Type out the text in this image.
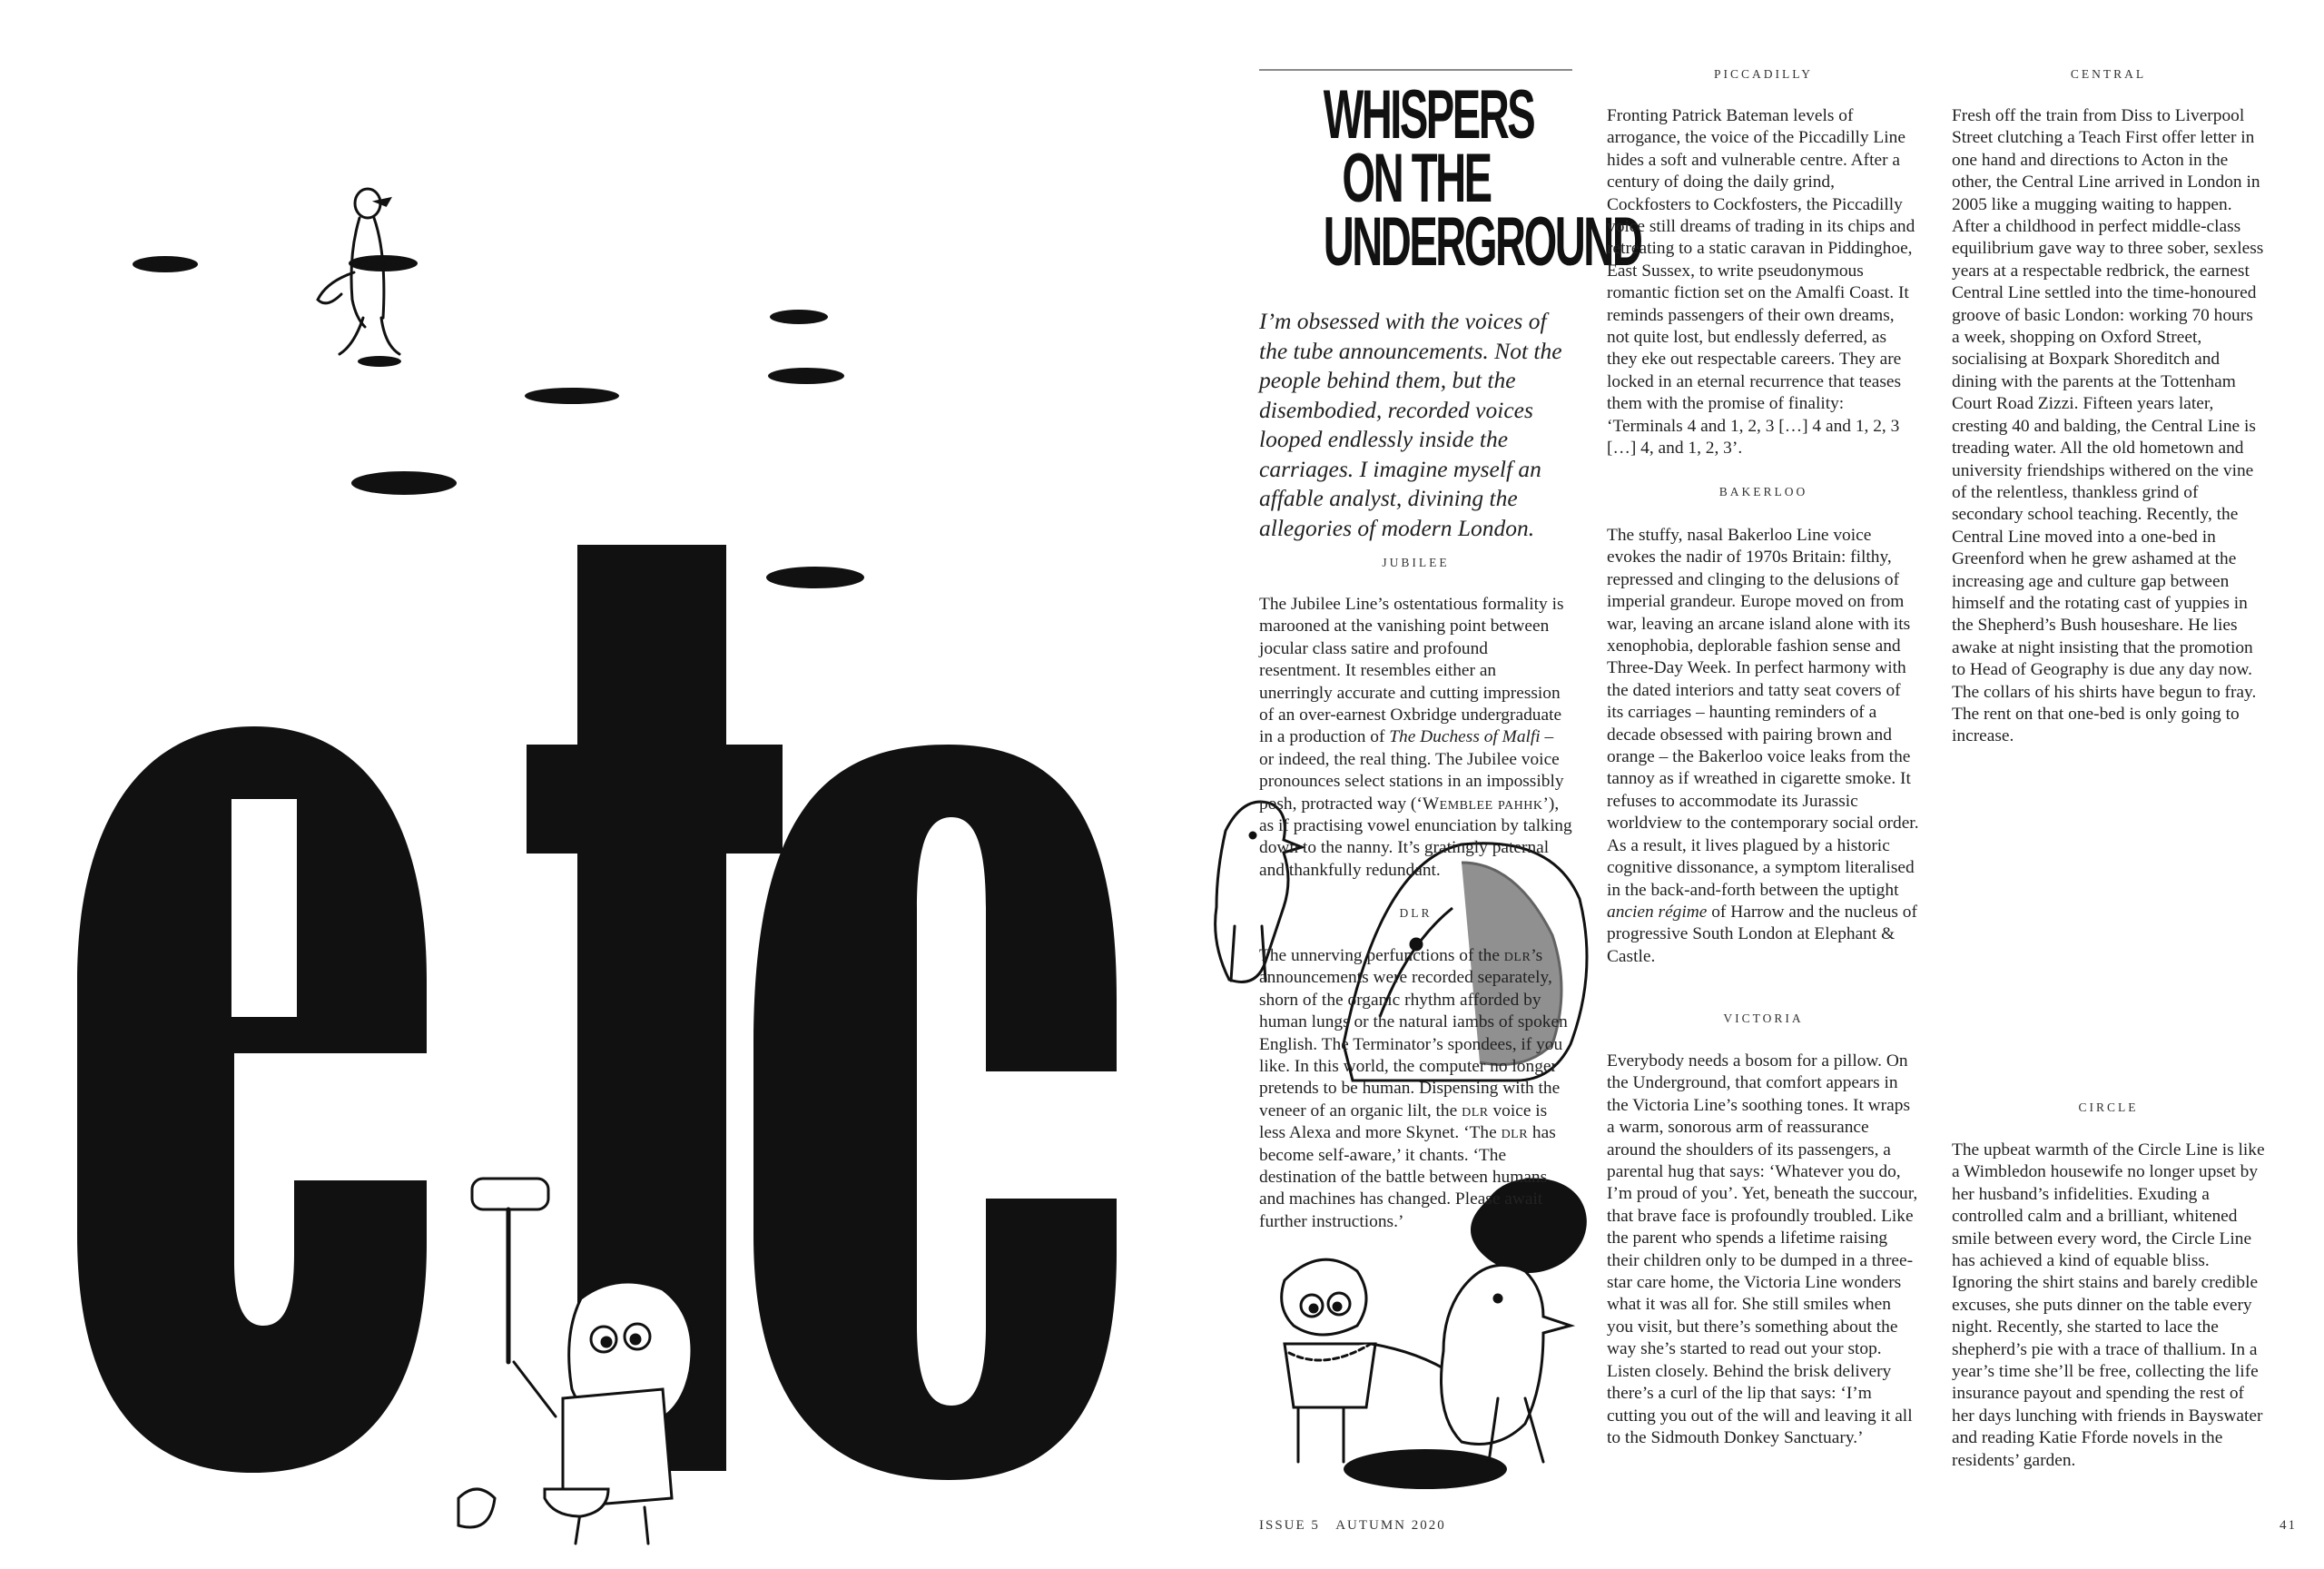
WHISPERS
ON THE
UNDERGROUND
I’m obsessed with the voices of the tube announcements. Not the people behind them, but the disembodied, recorded voices looped endlessly inside the carriages. I imagine myself an affable analyst, divining the allegories of modern London.
JUBILEE
The Jubilee Line’s ostentatious formality is marooned at the vanishing point between jocular class satire and profound resentment. It resembles either an unerringly accurate and cutting impression of an over-earnest Oxbridge undergraduate in a production of The Duchess of Malfi – or indeed, the real thing. The Jubilee voice pronounces select stations in an impossibly posh, protracted way (‘Wemblee pahhk’), as if practising vowel enunciation by talking down to the nanny. It’s gratingly paternal and thankfully redundant.
DLR
The unnerving perfunctions of the dlr’s announcements were recorded separately, shorn of the organic rhythm afforded by human lungs or the natural iambs of spoken English. The Terminator’s spondees, if you like. In this world, the computer no longer pretends to be human. Dispensing with the veneer of an organic lilt, the dlr voice is less Alexa and more Skynet. ‘The dlr has become self-aware,’ it chants. ‘The destination of the battle between humans and machines has changed. Please await further instructions.’
PICCADILLY
Fronting Patrick Bateman levels of arrogance, the voice of the Piccadilly Line hides a soft and vulnerable centre. After a century of doing the daily grind, Cockfosters to Cockfosters, the Piccadilly voice still dreams of trading in its chips and retreating to a static caravan in Piddinghoe, East Sussex, to write pseudonymous romantic fiction set on the Amalfi Coast. It reminds passengers of their own dreams, not quite lost, but endlessly deferred, as they eke out respectable careers. They are locked in an eternal recurrence that teases them with the promise of finality: ‘Terminals 4 and 1, 2, 3 […] 4 and 1, 2, 3 […] 4, and 1, 2, 3’.
BAKERLOO
The stuffy, nasal Bakerloo Line voice evokes the nadir of 1970s Britain: filthy, repressed and clinging to the delusions of imperial grandeur. Europe moved on from war, leaving an arcane island alone with its xenophobia, deplorable fashion sense and Three-Day Week. In perfect harmony with the dated interiors and tatty seat covers of its carriages – haunting reminders of a decade obsessed with pairing brown and orange – the Bakerloo voice leaks from the tannoy as if wreathed in cigarette smoke. It refuses to accommodate its Jurassic worldview to the contemporary social order. As a result, it lives plagued by a historic cognitive dissonance, a symptom literalised in the back-and-forth between the uptight ancien régime of Harrow and the nucleus of progressive South London at Elephant & Castle.
VICTORIA
Everybody needs a bosom for a pillow. On the Underground, that comfort appears in the Victoria Line’s soothing tones. It wraps a warm, sonorous arm of reassurance around the shoulders of its passengers, a parental hug that says: ‘Whatever you do, I’m proud of you’. Yet, beneath the succour, that brave face is profoundly troubled. Like the parent who spends a lifetime raising their children only to be dumped in a three-star care home, the Victoria Line wonders what it was all for. She still smiles when you visit, but there’s something about the way she’s started to read out your stop. Listen closely. Behind the brisk delivery there’s a curl of the lip that says: ‘I’m cutting you out of the will and leaving it all to the Sidmouth Donkey Sanctuary.’
CENTRAL
Fresh off the train from Diss to Liverpool Street clutching a Teach First offer letter in one hand and directions to Acton in the other, the Central Line arrived in London in 2005 like a mugging waiting to happen. After a childhood in perfect middle-class equilibrium gave way to three sober, sexless years at a respectable redbrick, the earnest Central Line settled into the time-honoured groove of basic London: working 70 hours a week, shopping on Oxford Street, socialising at Boxpark Shoreditch and dining with the parents at the Tottenham Court Road Zizzi. Fifteen years later, cresting 40 and balding, the Central Line is treading water. All the old hometown and university friendships withered on the vine of the relentless, thankless grind of secondary school teaching. Recently, the Central Line moved into a one-bed in Greenford when he grew ashamed at the increasing age and culture gap between himself and the rotating cast of yuppies in the Shepherd’s Bush houseshare. He lies awake at night insisting that the promotion to Head of Geography is due any day now. The collars of his shirts have begun to fray. The rent on that one-bed is only going to increase.
CIRCLE
The upbeat warmth of the Circle Line is like a Wimbledon housewife no longer upset by her husband’s infidelities. Exuding a controlled calm and a brilliant, whitened smile between every word, the Circle Line has achieved a kind of equable bliss. Ignoring the shirt stains and barely credible excuses, she puts dinner on the table every night. Recently, she started to lace the shepherd’s pie with a trace of thallium. In a year’s time she’ll be free, collecting the life insurance payout and spending the rest of her days lunching with friends in Bayswater and reading Katie Fforde novels in the residents’ garden.
ISSUE 5 AUTUMN 2020	41
